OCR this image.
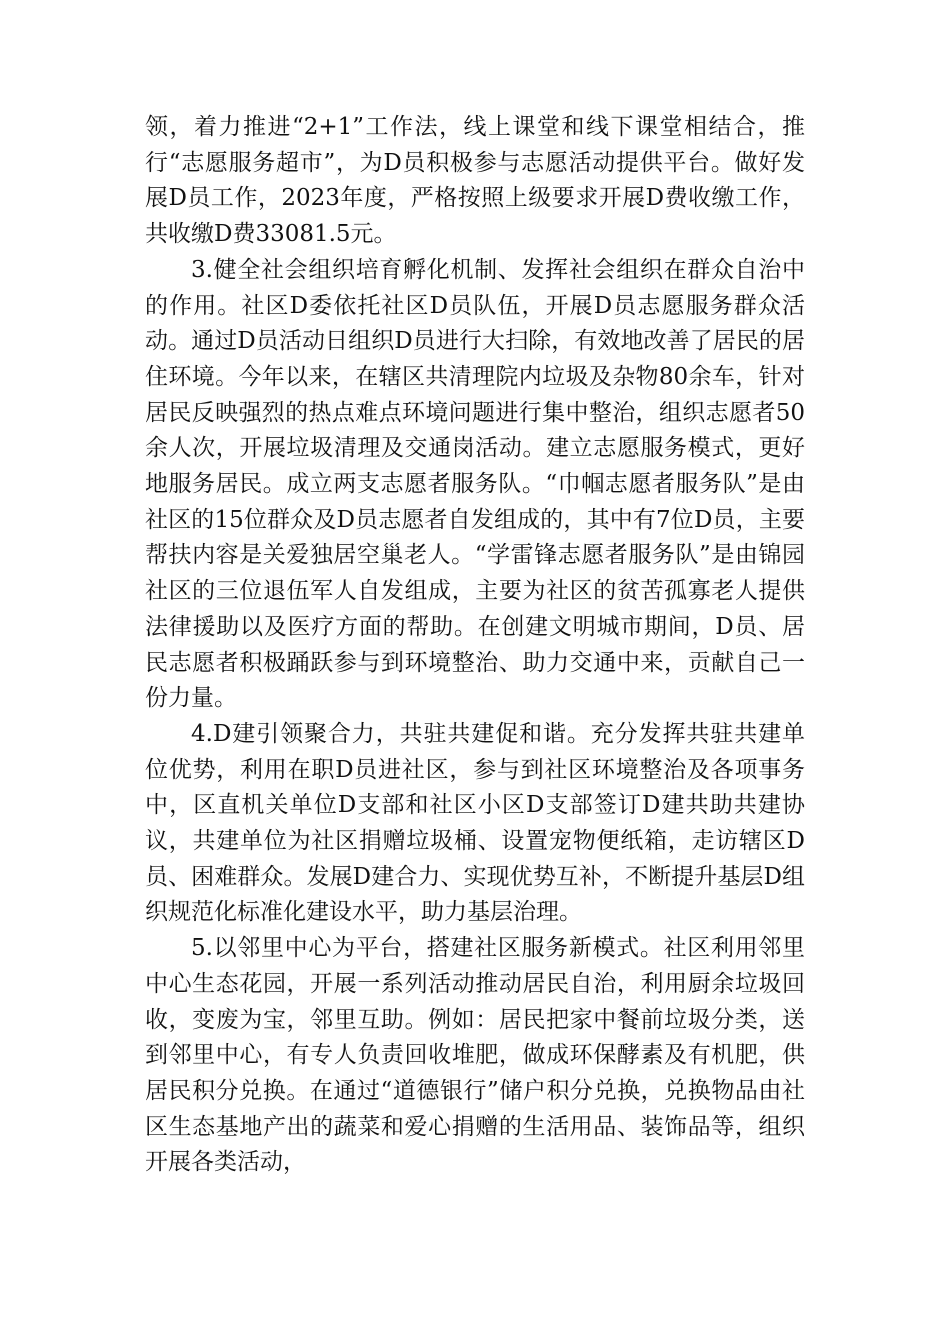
领，着力推进“2+1”工作法，线上课堂和线下课堂相结合，推行“志愿服务超市”，为D员积极参与志愿活动提供平台。做好发展D员工作，2023年度，严格按照上级要求开展D费收缴工作，共收缴D费33081.5元。

3.健全社会组织培育孵化机制、发挥社会组织在群众自治中的作用。社区D委依托社区D员队伍，开展D员志愿服务群众活动。通过D员活动日组织D员进行大扫除，有效地改善了居民的居住环境。今年以来，在辖区共清理院内垃圾及杂物80余车，针对居民反映强烈的热点难点环境问题进行集中整治，组织志愿者50余人次，开展垃圾清理及交通岗活动。建立志愿服务模式，更好地服务居民。成立两支志愿者服务队。“巾帼志愿者服务队”是由社区的15位群众及D员志愿者自发组成的，其中有7位D员，主要帮扶内容是关爱独居空巢老人。“学雷锋志愿者服务队”是由锦园社区的三位退伍军人自发组成，主要为社区的贫苦孤寡老人提供法律援助以及医疗方面的帮助。在创建文明城市期间，D员、居民志愿者积极踊跃参与到环境整治、助力交通中来，贡献自己一份力量。

4.D建引领聚合力，共驻共建促和谐。充分发挥共驻共建单位优势，利用在职D员进社区，参与到社区环境整治及各项事务中，区直机关单位D支部和社区小区D支部签订D建共助共建协议，共建单位为社区捐赠垃圾桶、设置宠物便纸箱，走访辖区D员、困难群众。发展D建合力、实现优势互补，不断提升基层D组织规范化标准化建设水平，助力基层治理。

5.以邻里中心为平台，搭建社区服务新模式。社区利用邻里中心生态花园，开展一系列活动推动居民自治，利用厨余垃圾回收，变废为宝，邻里互助。例如：居民把家中餐前垃圾分类，送到邻里中心，有专人负责回收堆肥，做成环保酵素及有机肥，供居民积分兑换。在通过“道德银行”储户积分兑换，兑换物品由社区生态基地产出的蔬菜和爱心捐赠的生活用品、装饰品等，组织开展各类活动，
